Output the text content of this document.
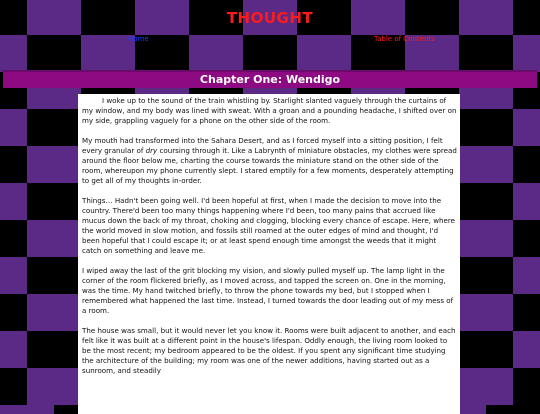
THOUGHT
Home	Table of Contents
Chapter One: Wendigo

I woke up to the sound of the train whistling by. Starlight slanted vaguely through the curtains of my window, and my body was lined with sweat. With a groan and a pounding headache, I shifted over on my side, grappling vaguely for a phone on the other side of the room.

My mouth had transformed into the Sahara Desert, and as I forced myself into a sitting position, I felt every granular of dry coursing through it. Like a Labrynth of miniature obstacles, my clothes were spread around the floor below me, charting the course towards the miniature stand on the other side of the room, whereupon my phone currently slept. I stared emptily for a few moments, desperately attempting to get all of my thoughts in-order.

Things… Hadn't been going well. I'd been hopeful at first, when I made the decision to move into the country. There'd been too many things happening where I'd been, too many pains that accrued like mucus down the back of my throat, choking and clogging, blocking every chance of escape. Here, where the world moved in slow motion, and fossils still roamed at the outer edges of mind and thought, I'd been hopeful that I could escape it; or at least spend enough time amongst the weeds that it might catch on something and leave me.

I wiped away the last of the grit blocking my vision, and slowly pulled myself up. The lamp light in the corner of the room flickered briefly, as I moved across, and tapped the screen on. One in the morning, was the time. My hand twitched briefly, to throw the phone towards my bed, but I stopped when I remembered what happened the last time. Instead, I turned towards the door leading out of my mess of a room.

The house was small, but it would never let you know it. Rooms were built adjacent to another, and each felt like it was built at a different point in the house's lifespan. Oddly enough, the living room looked to be the most recent; my bedroom appeared to be the oldest. If you spent any significant time studying the architecture of the building; my room was one of the newer additions, having started out as a sunroom, and steadily
